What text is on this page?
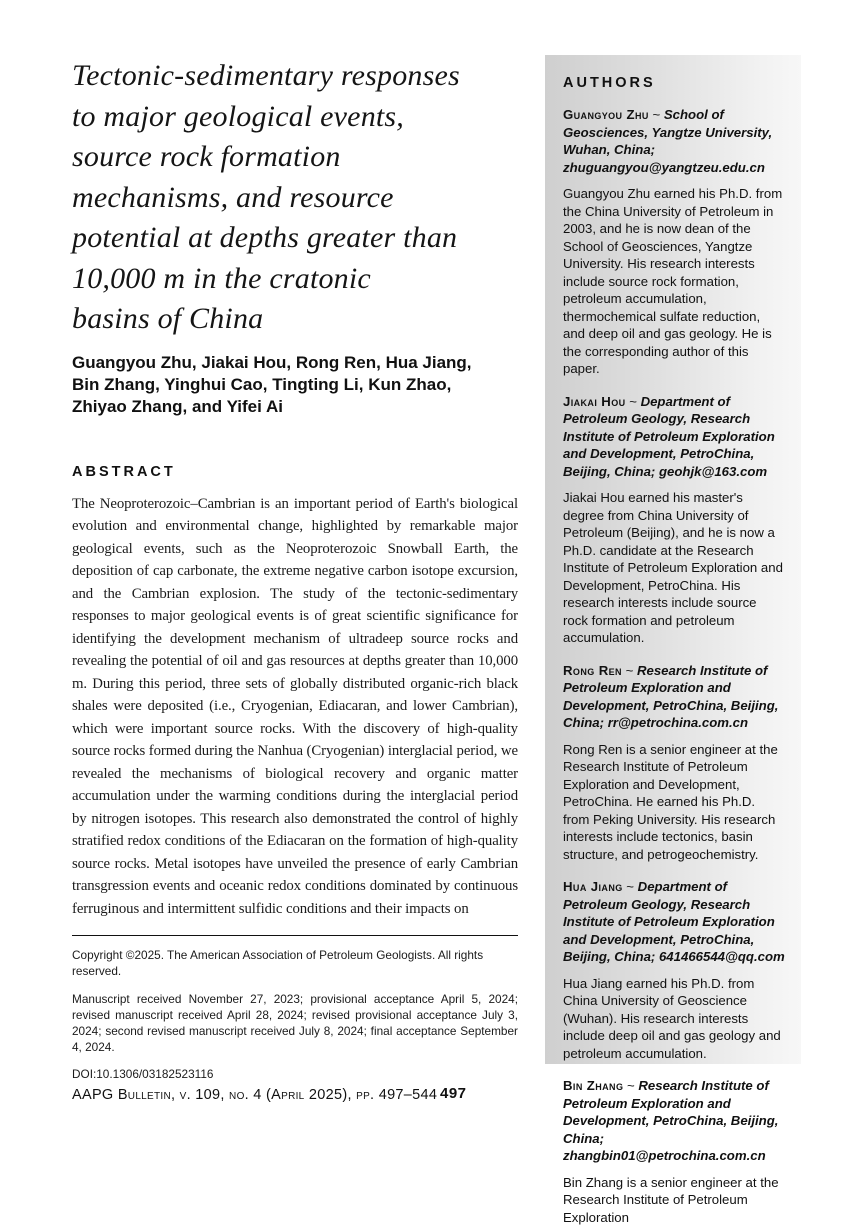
Tectonic-sedimentary responses
to major geological events,
source rock formation
mechanisms, and resource
potential at depths greater than
10,000 m in the cratonic
basins of China
Guangyou Zhu, Jiakai Hou, Rong Ren, Hua Jiang,
Bin Zhang, Yinghui Cao, Tingting Li, Kun Zhao,
Zhiyao Zhang, and Yifei Ai
ABSTRACT

The Neoproterozoic–Cambrian is an important period of Earth's biological evolution and environmental change, highlighted by remarkable major geological events, such as the Neoproterozoic Snowball Earth, the deposition of cap carbonate, the extreme negative carbon isotope excursion, and the Cambrian explosion. The study of the tectonic-sedimentary responses to major geological events is of great scientific significance for identifying the development mechanism of ultradeep source rocks and revealing the potential of oil and gas resources at depths greater than 10,000 m. During this period, three sets of globally distributed organic-rich black shales were deposited (i.e., Cryogenian, Ediacaran, and lower Cambrian), which were important source rocks. With the discovery of high-quality source rocks formed during the Nanhua (Cryogenian) interglacial period, we revealed the mechanisms of biological recovery and organic matter accumulation under the warming conditions during the interglacial period by nitrogen isotopes. This research also demonstrated the control of highly stratified redox conditions of the Ediacaran on the formation of high-quality source rocks. Metal isotopes have unveiled the presence of early Cambrian transgression events and oceanic redox conditions dominated by continuous ferruginous and intermittent sulfidic conditions and their impacts on

Copyright ©2025. The American Association of Petroleum Geologists. All rights reserved.

Manuscript received November 27, 2023; provisional acceptance April 5, 2024; revised manuscript received April 28, 2024; revised provisional acceptance July 3, 2024; second revised manuscript received July 8, 2024; final acceptance September 4, 2024.

DOI:10.1306/03182523116

AAPG Bulletin, v. 109, no. 4 (April 2025), pp. 497–544 497
AUTHORS

Guangyou Zhu ~ School of Geosciences, Yangtze University, Wuhan, China; zhuguangyou@yangtzeu.edu.cn

Guangyou Zhu earned his Ph.D. from the China University of Petroleum in 2003, and he is now dean of the School of Geosciences, Yangtze University. His research interests include source rock formation, petroleum accumulation, thermochemical sulfate reduction, and deep oil and gas geology. He is the corresponding author of this paper.

Jiakai Hou ~ Department of Petroleum Geology, Research Institute of Petroleum Exploration and Development, PetroChina, Beijing, China; geohjk@163.com

Jiakai Hou earned his master's degree from China University of Petroleum (Beijing), and he is now a Ph.D. candidate at the Research Institute of Petroleum Exploration and Development, PetroChina. His research interests include source rock formation and petroleum accumulation.

Rong Ren ~ Research Institute of Petroleum Exploration and Development, PetroChina, Beijing, China; rr@petrochina.com.cn

Rong Ren is a senior engineer at the Research Institute of Petroleum Exploration and Development, PetroChina. He earned his Ph.D. from Peking University. His research interests include tectonics, basin structure, and petrogeochemistry.

Hua Jiang ~ Department of Petroleum Geology, Research Institute of Petroleum Exploration and Development, PetroChina, Beijing, China; 641466544@qq.com

Hua Jiang earned his Ph.D. from China University of Geoscience (Wuhan). His research interests include deep oil and gas geology and petroleum accumulation.

Bin Zhang ~ Research Institute of Petroleum Exploration and Development, PetroChina, Beijing, China; zhangbin01@petrochina.com.cn

Bin Zhang is a senior engineer at the Research Institute of Petroleum Exploration
